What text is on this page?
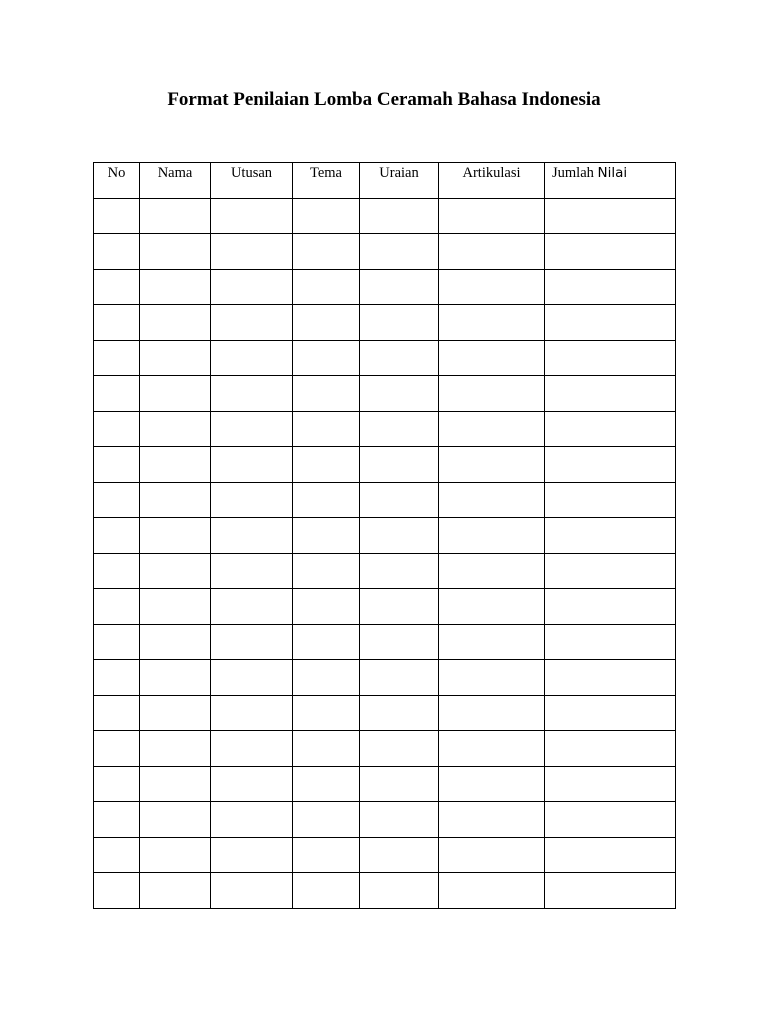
Format Penilaian Lomba Ceramah Bahasa Indonesia
No	Nama	Utusan	Tema	Uraian	Artikulasi	Jumlah Nilai
